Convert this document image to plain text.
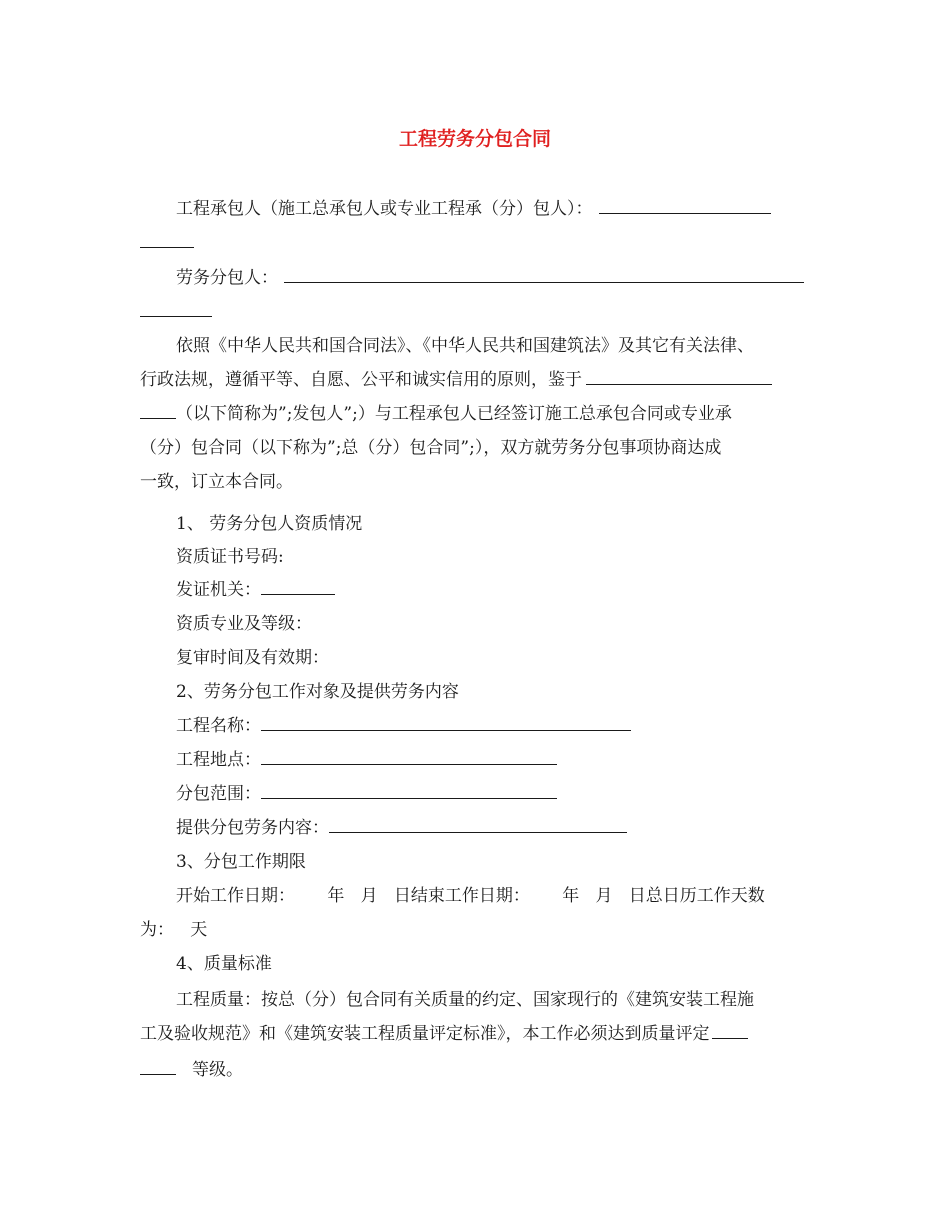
工程劳务分包合同
工程承包人（施工总承包人或专业工程承（分）包人）：
劳务分包人：
依照《中华人民共和国合同法》、《中华人民共和国建筑法》及其它有关法律、
行政法规，遵循平等、自愿、公平和诚实信用的原则，鉴于
（以下简称为”;发包人”;）与工程承包人已经签订施工总承包合同或专业承
（分）包合同（以下称为”;总（分）包合同”;），双方就劳务分包事项协商达成
一致，订立本合同。
1、 劳务分包人资质情况
资质证书号码:
发证机关：
资质专业及等级：
复审时间及有效期：
2、劳务分包工作对象及提供劳务内容
工程名称：
工程地点：
分包范围：
提供分包劳务内容：
3、分包工作期限
开始工作日期：      年   月   日结束工作日期：      年   月   日总日历工作天数
为：   天
4、质量标准
工程质量：按总（分）包合同有关质量的约定、国家现行的《建筑安装工程施
工及验收规范》和《建筑安装工程质量评定标准》，本工作必须达到质量评定
等级。
